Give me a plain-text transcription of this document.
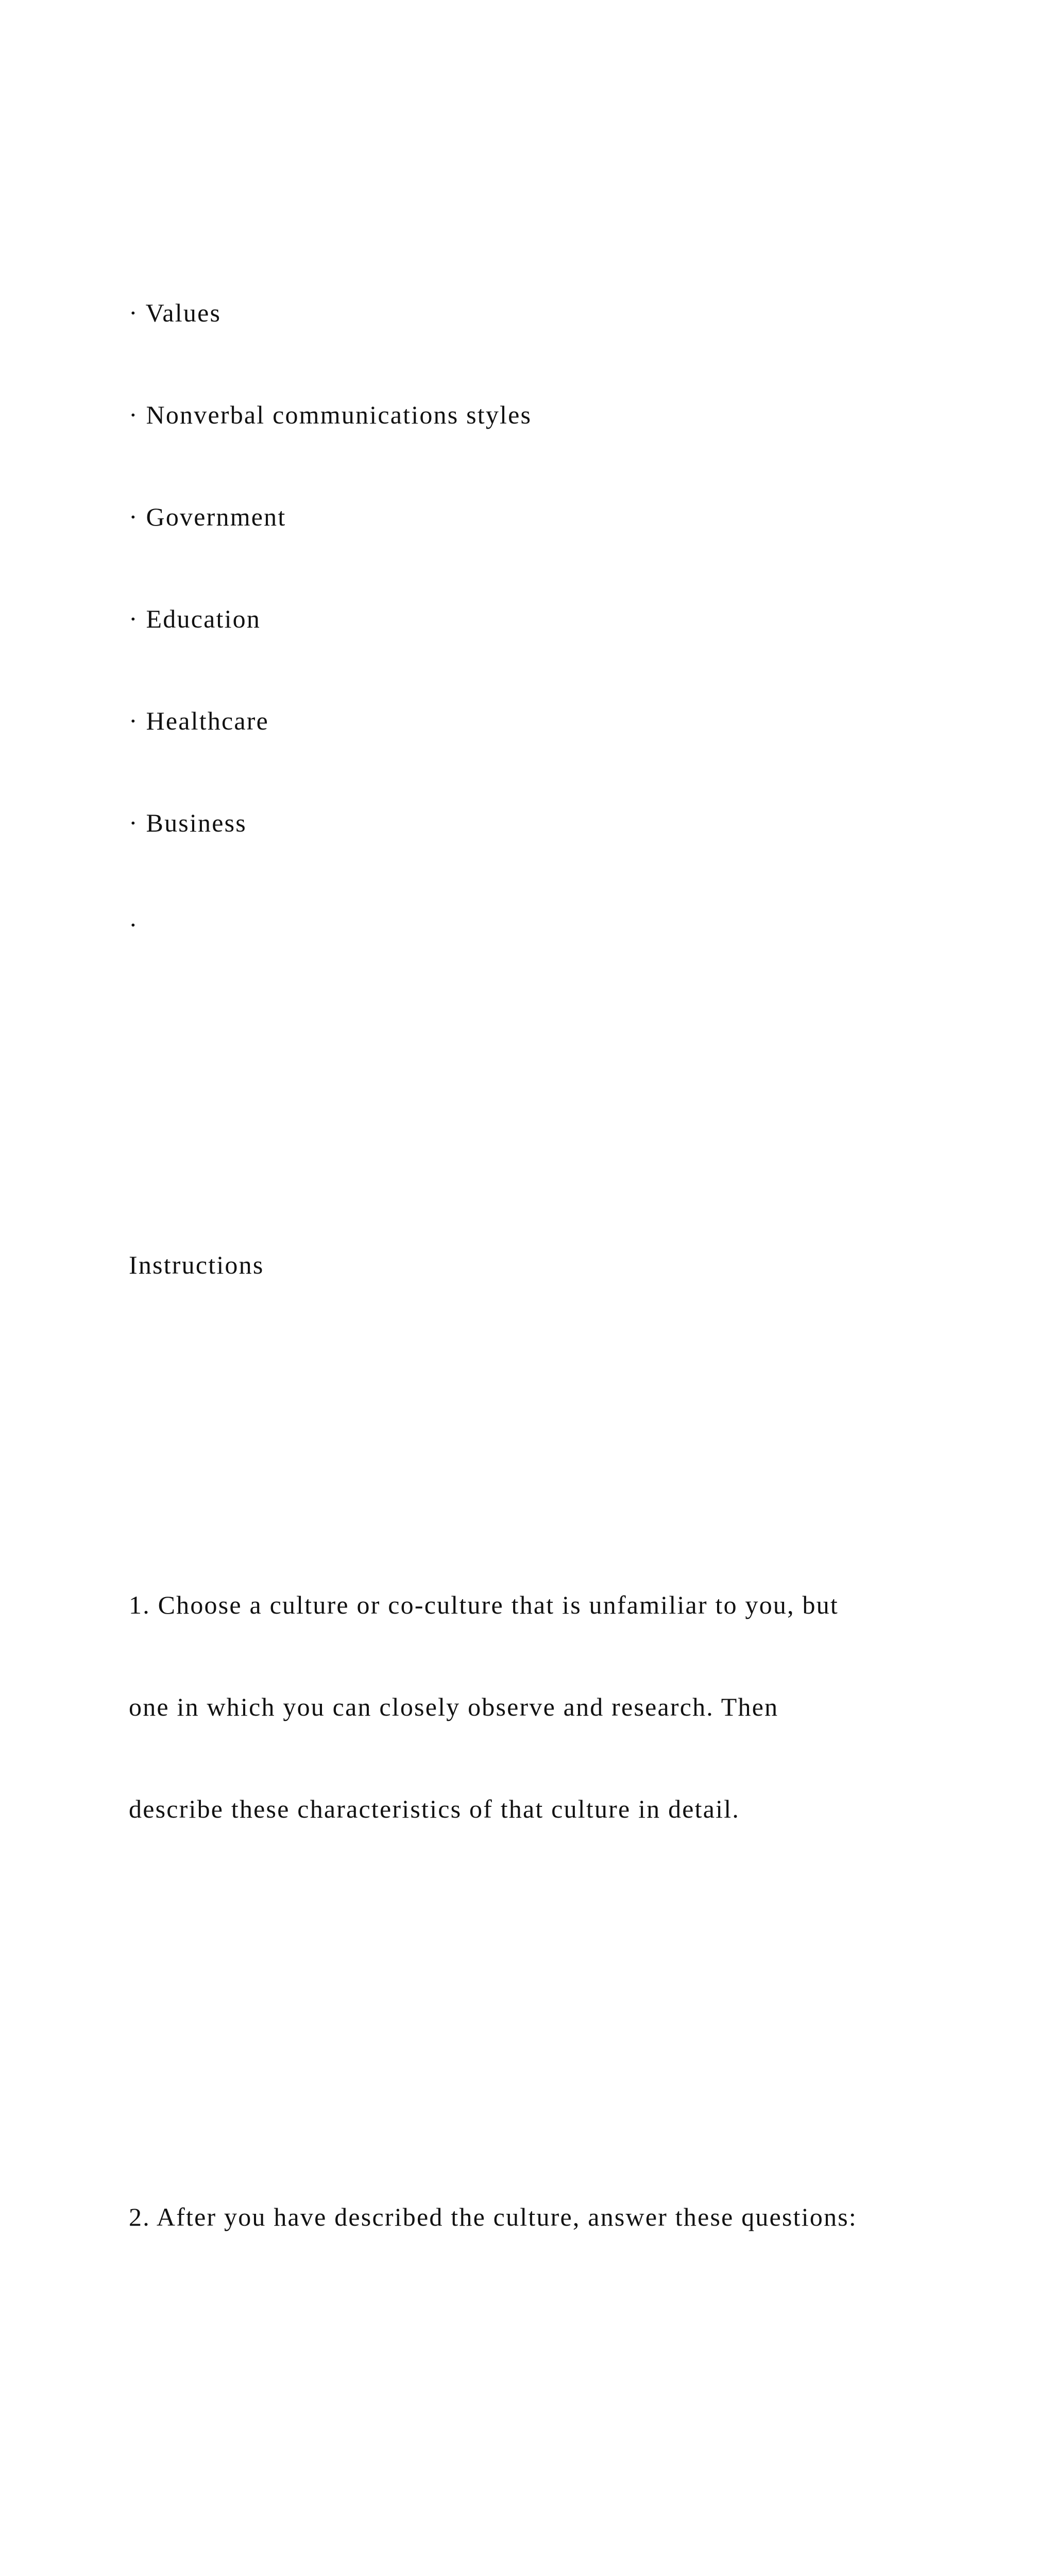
· Values

· Nonverbal communications styles

· Government

· Education

· Healthcare

· Business

·

Instructions

1. Choose a culture or co-culture that is unfamiliar to you, but

one in which you can closely observe and research. Then

describe these characteristics of that culture in detail.

2. After you have described the culture, answer these questions:
